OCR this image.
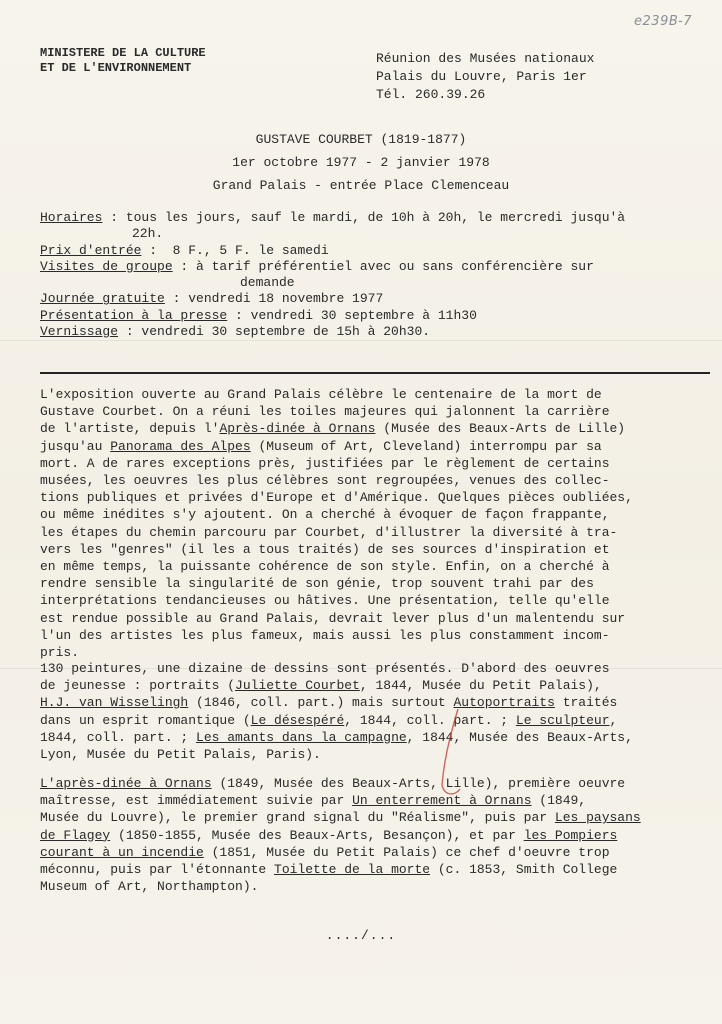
e239B-7
MINISTERE DE LA CULTURE
ET DE L'ENVIRONNEMENT
Réunion des Musées nationaux
Palais du Louvre, Paris 1er
Tél. 260.39.26
GUSTAVE COURBET (1819-1877)
1er octobre 1977 - 2 janvier 1978
Grand Palais - entrée Place Clemenceau
Horaires : tous les jours, sauf le mardi, de 10h à 20h, le mercredi jusqu'à
22h.
Prix d'entrée :  8 F., 5 F. le samedi
Visites de groupe : à tarif préférentiel avec ou sans conférencière sur
demande
Journée gratuite : vendredi 18 novembre 1977
Présentation à la presse : vendredi 30 septembre à 11h30
Vernissage : vendredi 30 septembre de 15h à 20h30.
L'exposition ouverte au Grand Palais célèbre le centenaire de la mort de
Gustave Courbet. On a réuni les toiles majeures qui jalonnent la carrière
de l'artiste, depuis l'Après-dinée à Ornans (Musée des Beaux-Arts de Lille)
jusqu'au Panorama des Alpes (Museum of Art, Cleveland) interrompu par sa
mort. A de rares exceptions près, justifiées par le règlement de certains
musées, les oeuvres les plus célèbres sont regroupées, venues des collec-
tions publiques et privées d'Europe et d'Amérique. Quelques pièces oubliées,
ou même inédites s'y ajoutent. On a cherché à évoquer de façon frappante,
les étapes du chemin parcouru par Courbet, d'illustrer la diversité à tra-
vers les "genres" (il les a tous traités) de ses sources d'inspiration et
en même temps, la puissante cohérence de son style. Enfin, on a cherché à
rendre sensible la singularité de son génie, trop souvent trahi par des
interprétations tendancieuses ou hâtives. Une présentation, telle qu'elle
est rendue possible au Grand Palais, devrait lever plus d'un malentendu sur
l'un des artistes les plus fameux, mais aussi les plus constamment incom-
pris.
130 peintures, une dizaine de dessins sont présentés. D'abord des oeuvres
de jeunesse : portraits (Juliette Courbet, 1844, Musée du Petit Palais),
H.J. van Wisselingh (1846, coll. part.) mais surtout Autoportraits traités
dans un esprit romantique (Le désespéré, 1844, coll. part. ; Le sculpteur,
1844, coll. part. ; Les amants dans la campagne, 1844, Musée des Beaux-Arts,
Lyon, Musée du Petit Palais, Paris).
L'après-dinée à Ornans (1849, Musée des Beaux-Arts, Lille), première oeuvre
maîtresse, est immédiatement suivie par Un enterrement à Ornans (1849,
Musée du Louvre), le premier grand signal du "Réalisme", puis par Les paysans
de Flagey (1850-1855, Musée des Beaux-Arts, Besançon), et par les Pompiers
courant à un incendie (1851, Musée du Petit Palais) ce chef d'oeuvre trop
méconnu, puis par l'étonnante Toilette de la morte (c. 1853, Smith College
Museum of Art, Northampton).
..../...
